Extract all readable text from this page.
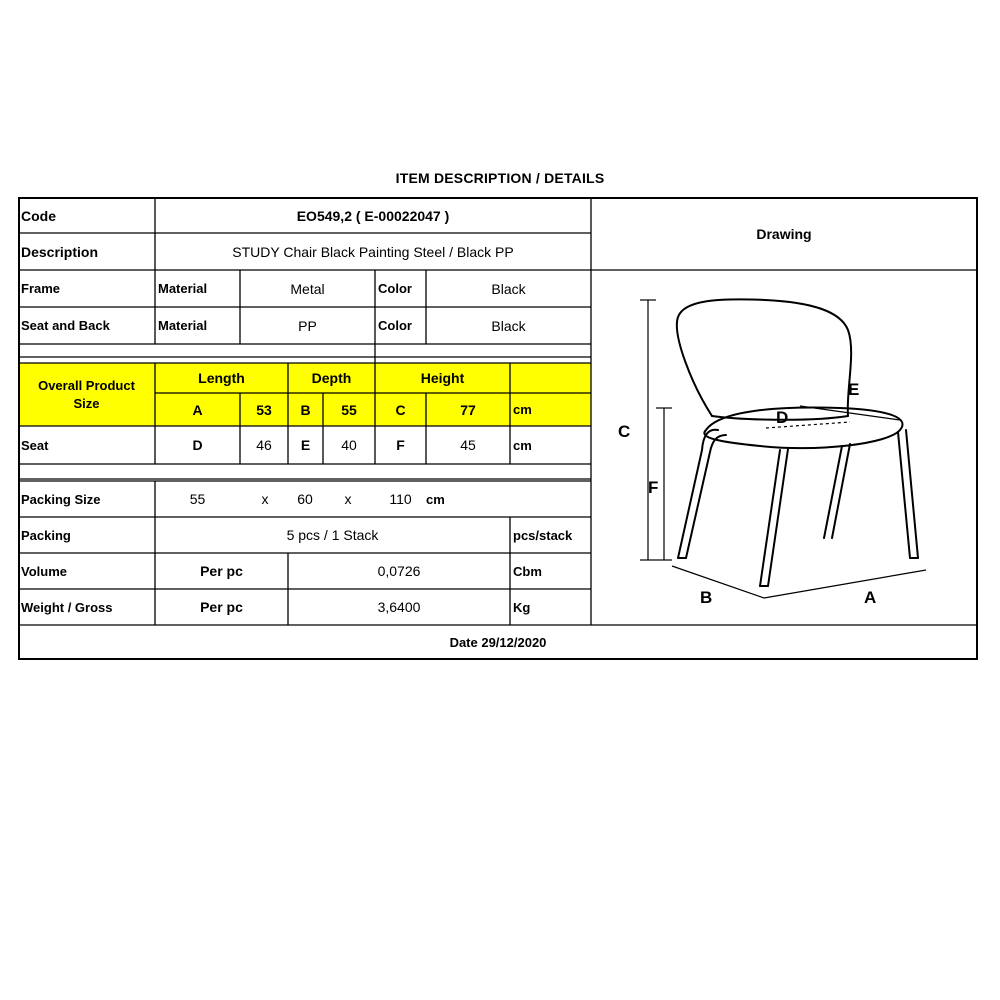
ITEM DESCRIPTION / DETAILS
Code	EO549,2 ( E-00022047 )
Description	STUDY Chair Black Painting Steel / Black PP
Drawing
Frame	Material	Metal	Color	Black
Seat and Back	Material	PP	Color	Black
Overall Product Size
Length	Depth	Height
A	53	B	55	C	77	cm
Seat	D	46	E	40	F	45	cm
Packing Size	55	x	60	x	110	cm
Packing	5 pcs / 1 Stack	pcs/stack
Volume	Per pc	0,0726	Cbm
Weight / Gross	Per pc	3,6400	Kg
Date 29/12/2020
C
F
B	A
D
E
